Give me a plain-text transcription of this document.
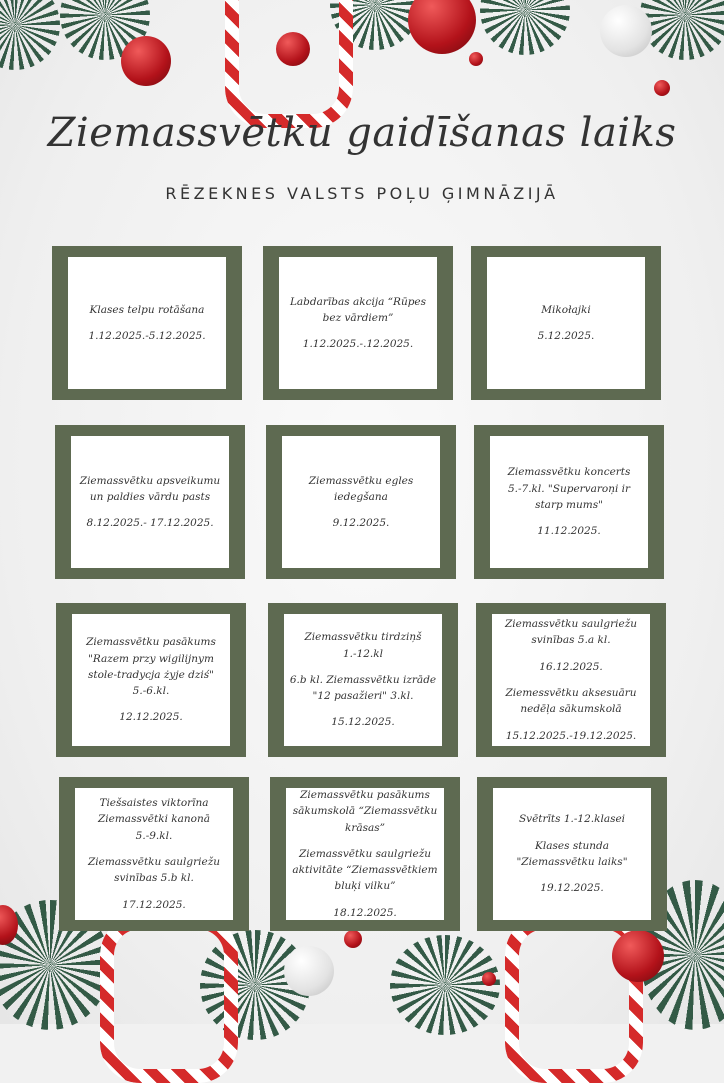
Ziemassvētku gaidīšanas laiks
RĒZEKNES VALSTS POĻU ĢIMNĀZIJĀ
Klases telpu rotāšana
1.12.2025.-5.12.2025.
Labdarības akcija “Rūpes bez vārdiem”
1.12.2025.-.12.2025.
Mikołajki
5.12.2025.
Ziemassvētku apsveikumu un paldies vārdu pasts
8.12.2025.- 17.12.2025.
Ziemassvētku egles iedegšana
9.12.2025.
Ziemassvētku koncerts 5.-7.kl. "Supervaroņi ir starp mums"
11.12.2025.
Ziemassvētku pasākums "Razem przy wigilijnym stole-tradycja żyje dziś" 5.-6.kl.
12.12.2025.
Ziemassvētku tirdziņš 1.-12.kl
6.b kl. Ziemassvētku izrāde "12 pasažieri" 3.kl.
15.12.2025.
Ziemassvētku saulgriežu svinības 5.a kl.
16.12.2025.
Ziemessvētku aksesuāru nedēļa sākumskolā
15.12.2025.-19.12.2025.
Tiešsaistes viktorīna Ziemassvētki kanonā 5.-9.kl.
Ziemassvētku saulgriežu svinības 5.b kl.
17.12.2025.
Ziemassvētku pasākums sākumskolā “Ziemassvētku krāsas”
Ziemassvētku saulgriežu aktivitāte “Ziemassvētkiem bluķi vilku”
18.12.2025.
Svētrīts 1.-12.klasei
Klases stunda "Ziemassvētku laiks"
19.12.2025.
